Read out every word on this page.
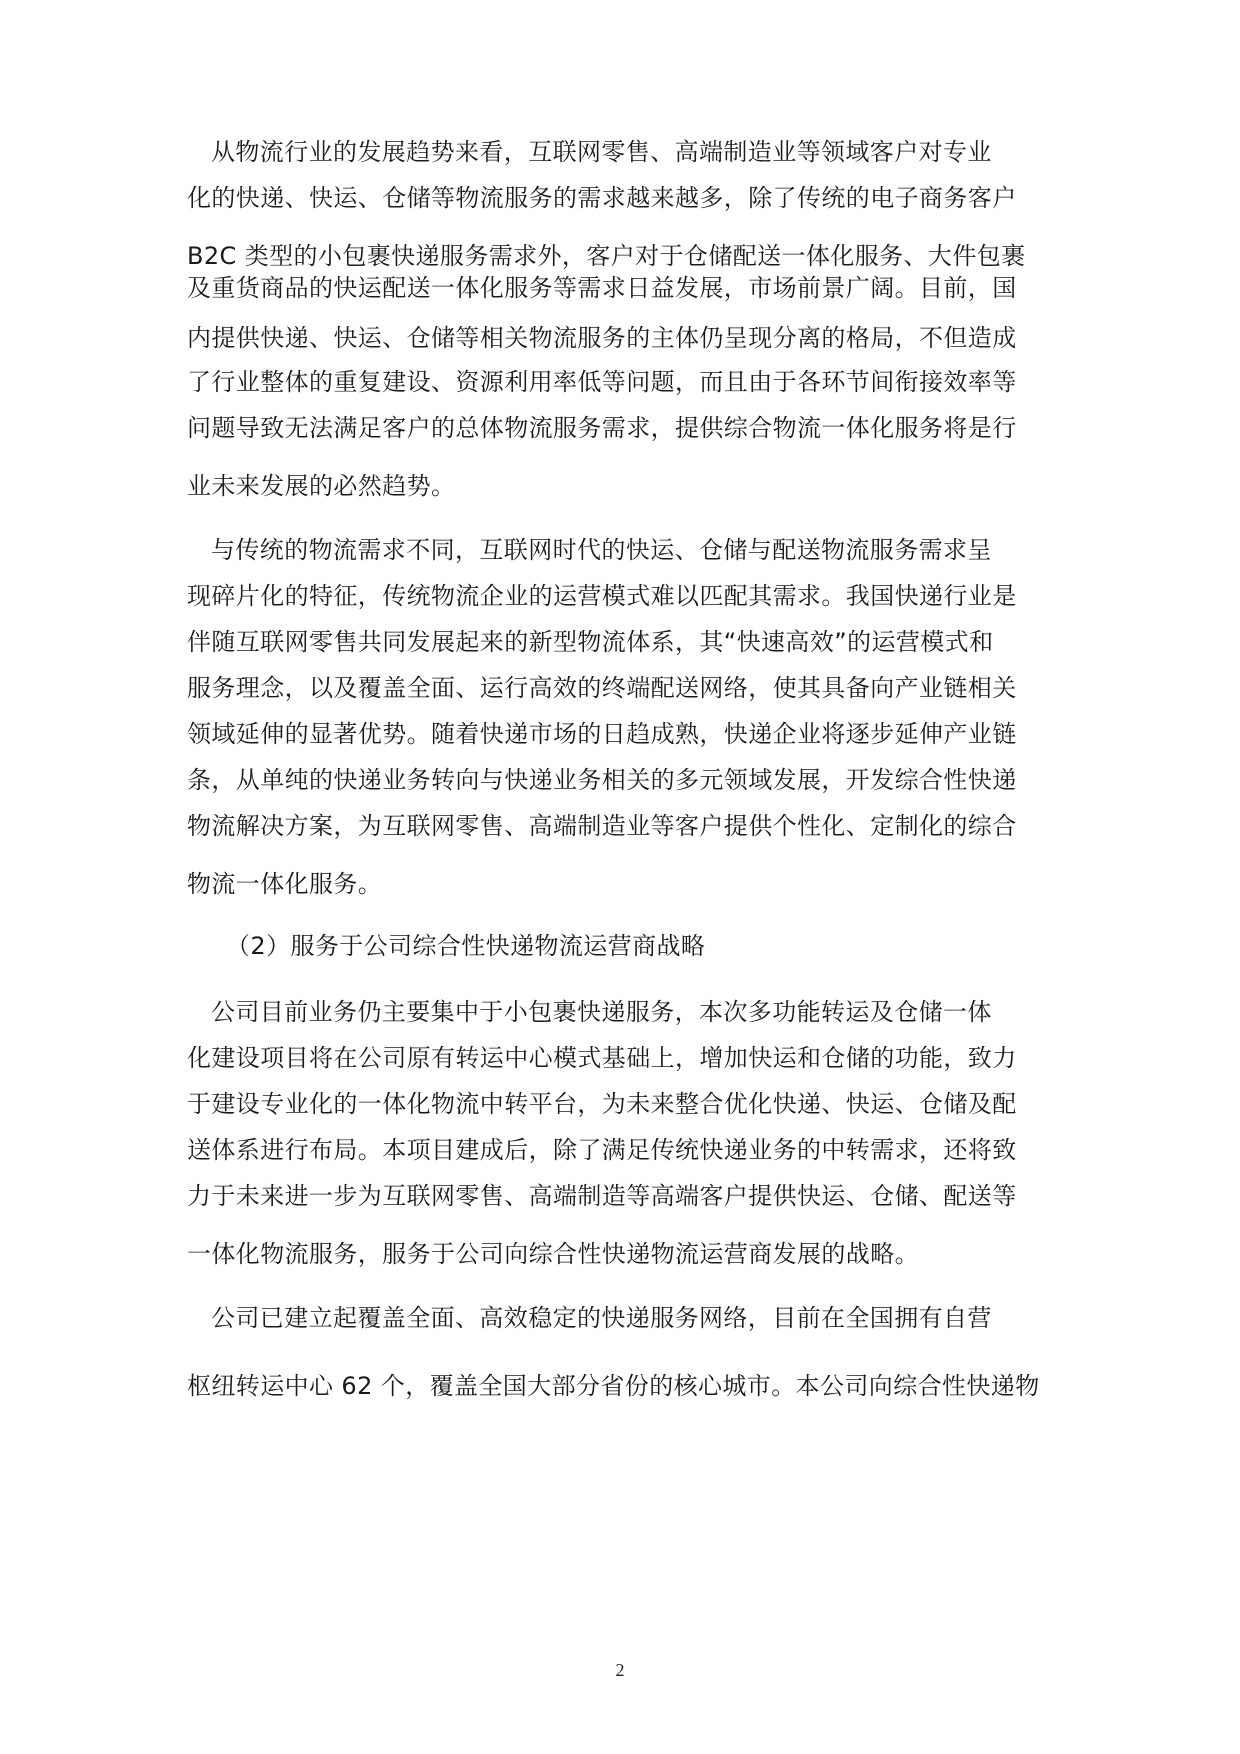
从物流行业的发展趋势来看，互联网零售、高端制造业等领域客户对专业
化的快递、快运、仓储等物流服务的需求越来越多，除了传统的电子商务客户
B2C 类型的小包裹快递服务需求外，客户对于仓储配送一体化服务、大件包裹
及重货商品的快运配送一体化服务等需求日益发展，市场前景广阔。目前，国
内提供快递、快运、仓储等相关物流服务的主体仍呈现分离的格局，不但造成
了行业整体的重复建设、资源利用率低等问题，而且由于各环节间衔接效率等
问题导致无法满足客户的总体物流服务需求，提供综合物流一体化服务将是行
业未来发展的必然趋势。
与传统的物流需求不同，互联网时代的快运、仓储与配送物流服务需求呈
现碎片化的特征，传统物流企业的运营模式难以匹配其需求。我国快递行业是
伴随互联网零售共同发展起来的新型物流体系，其“快速高效”的运营模式和
服务理念，以及覆盖全面、运行高效的终端配送网络，使其具备向产业链相关
领域延伸的显著优势。随着快递市场的日趋成熟，快递企业将逐步延伸产业链
条，从单纯的快递业务转向与快递业务相关的多元领域发展，开发综合性快递
物流解决方案，为互联网零售、高端制造业等客户提供个性化、定制化的综合
物流一体化服务。
（2）服务于公司综合性快递物流运营商战略
公司目前业务仍主要集中于小包裹快递服务，本次多功能转运及仓储一体
化建设项目将在公司原有转运中心模式基础上，增加快运和仓储的功能，致力
于建设专业化的一体化物流中转平台，为未来整合优化快递、快运、仓储及配
送体系进行布局。本项目建成后，除了满足传统快递业务的中转需求，还将致
力于未来进一步为互联网零售、高端制造等高端客户提供快运、仓储、配送等
一体化物流服务，服务于公司向综合性快递物流运营商发展的战略。
公司已建立起覆盖全面、高效稳定的快递服务网络，目前在全国拥有自营
枢纽转运中心 62 个，覆盖全国大部分省份的核心城市。本公司向综合性快递物
2
